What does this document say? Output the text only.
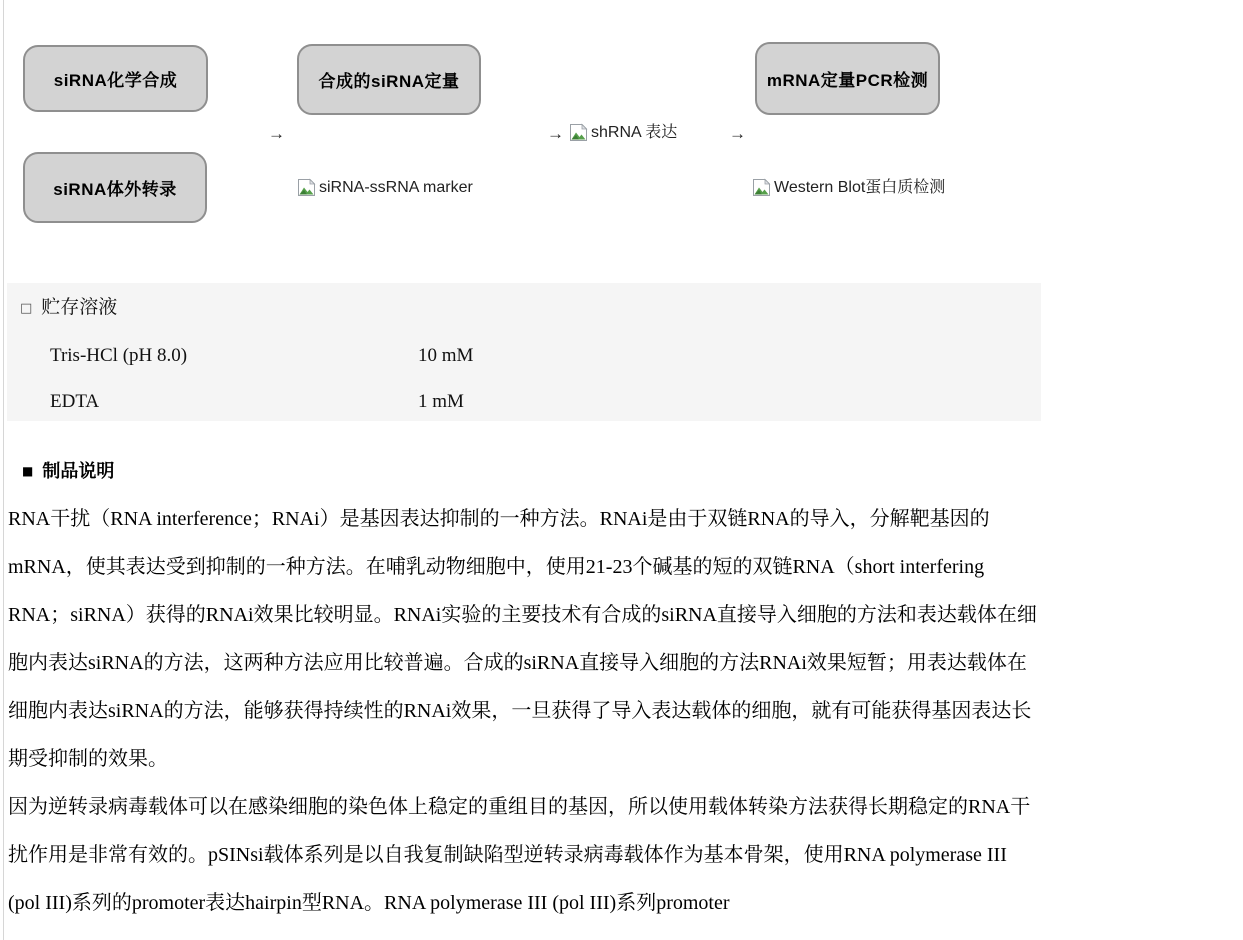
siRNA化学合成	合成的siRNA定量	mRNA定量PCR检测
siRNA体外转录
→	→	→
shRNA 表达
siRNA-ssRNA marker	Western Blot蛋白质检测
□ 贮存溶液
Tris-HCl (pH 8.0)	10 mM
EDTA	1 mM
■ 制品说明

RNA干扰（RNA interference；RNAi）是基因表达抑制的一种方法。RNAi是由于双链RNA的导入，分解靶基因的mRNA，使其表达受到抑制的一种方法。在哺乳动物细胞中，使用21-23个碱基的短的双链RNA（short interfering RNA；siRNA）获得的RNAi效果比较明显。RNAi实验的主要技术有合成的siRNA直接导入细胞的方法和表达载体在细胞内表达siRNA的方法，这两种方法应用比较普遍。合成的siRNA直接导入细胞的方法RNAi效果短暂；用表达载体在细胞内表达siRNA的方法，能够获得持续性的RNAi效果，一旦获得了导入表达载体的细胞，就有可能获得基因表达长期受抑制的效果。

因为逆转录病毒载体可以在感染细胞的染色体上稳定的重组目的基因，所以使用载体转染方法获得长期稳定的RNA干扰作用是非常有效的。pSINsi载体系列是以自我复制缺陷型逆转录病毒载体作为基本骨架，使用RNA polymerase III (pol III)系列的promoter表达hairpin型RNA。RNA polymerase III (pol III)系列promoter
